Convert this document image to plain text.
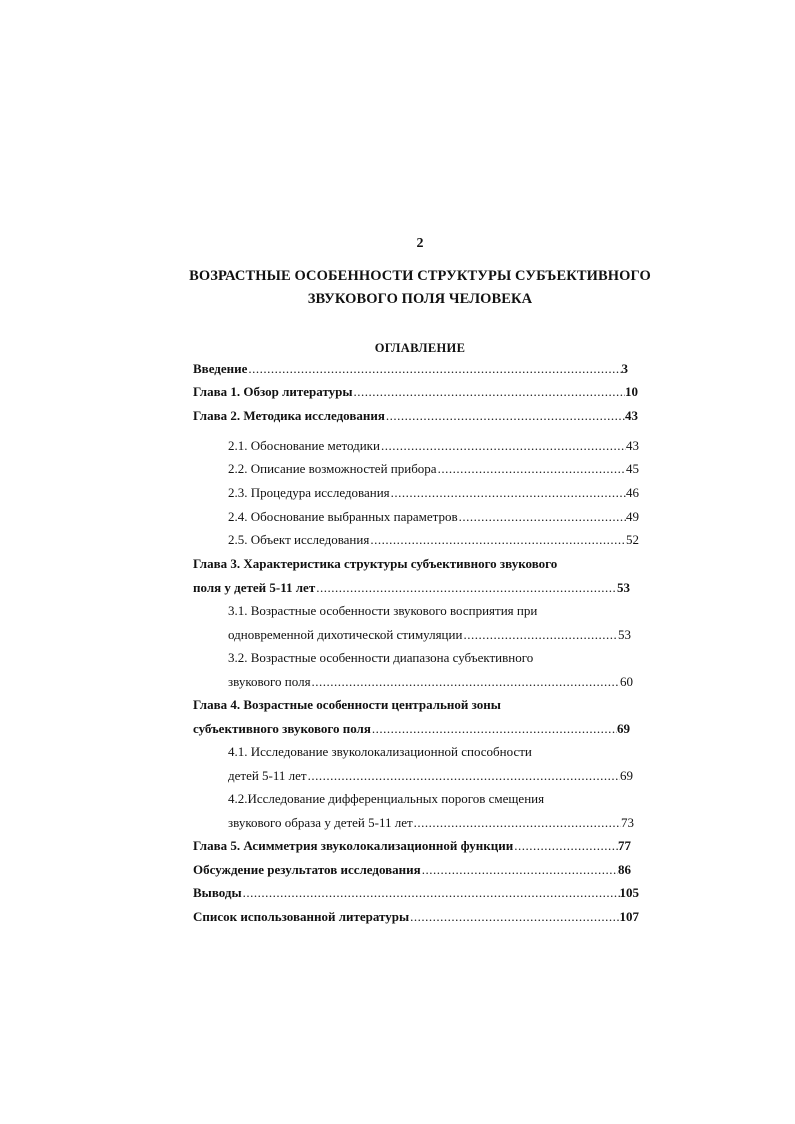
2
ВОЗРАСТНЫЕ ОСОБЕННОСТИ СТРУКТУРЫ СУБЪЕКТИВНОГО
ЗВУКОВОГО ПОЛЯ ЧЕЛОВЕКА
ОГЛАВЛЕНИЕ
Введение .....	3
Глава 1. Обзор литературы .....	10
Глава 2. Методика исследования .....	43
2.1. Обоснование методики .....	43
2.2. Описание возможностей прибора .....	45
2.3. Процедура исследования .....	46
2.4. Обоснование выбранных параметров .....	49
2.5. Объект исследования .....	52
Глава 3. Характеристика структуры субъективного звукового
поля у детей 5-11 лет .....	53
3.1. Возрастные особенности звукового восприятия при
одновременной дихотической стимуляции .....	53
3.2. Возрастные особенности диапазона субъективного
звукового поля .....	60
Глава 4. Возрастные особенности центральной зоны
субъективного звукового поля .....	69
4.1. Исследование звуколокализационной способности
детей 5-11 лет .....	69
4.2.Исследование дифференциальных порогов смещения
звукового образа у детей 5-11 лет .....	73
Глава 5. Асимметрия звуколокализационной функции .....	77
Обсуждение результатов исследования .....	86
Выводы .....	105
Список использованной литературы .....	107
